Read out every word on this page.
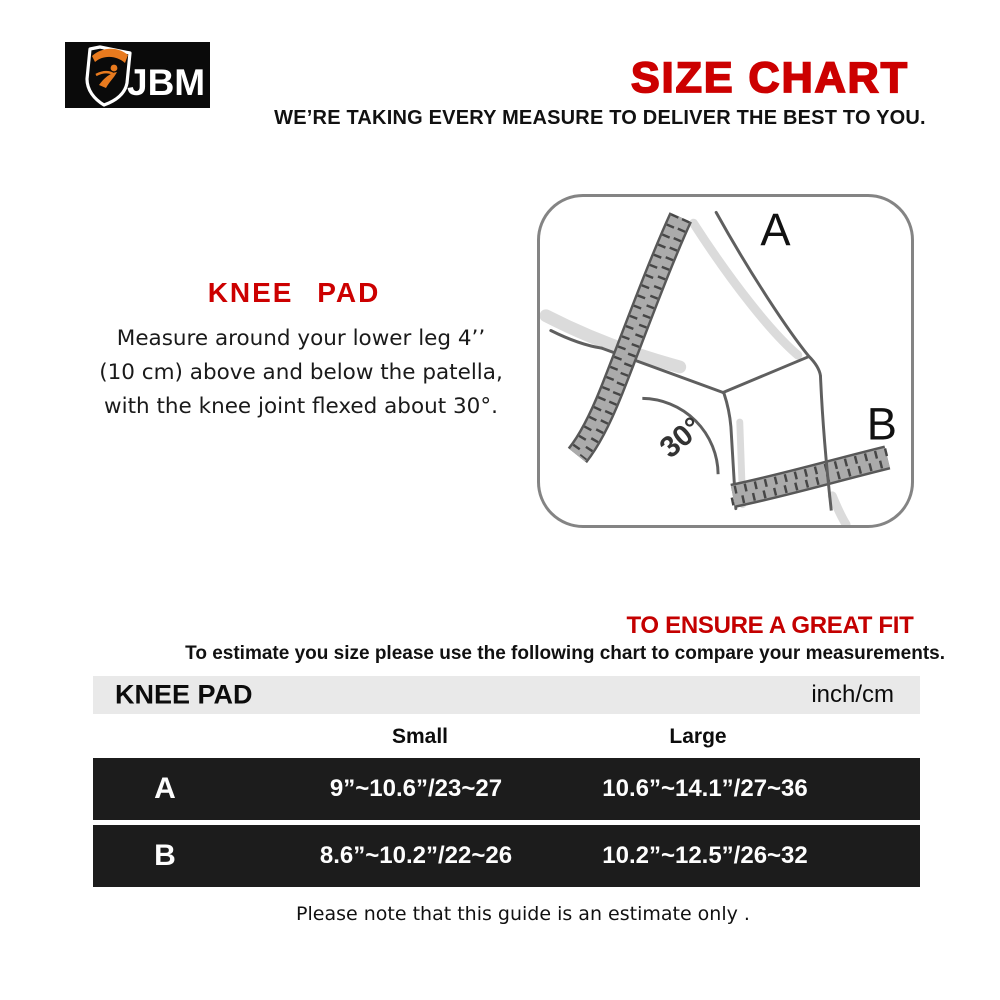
JBM	SIZE CHART
WE’RE TAKING EVERY MEASURE TO DELIVER THE BEST TO YOU.
KNEE PAD
Measure around your lower leg 4’’
(10 cm) above and below the patella,
with the knee joint flexed about 30°.
30°
A
B
TO ENSURE A GREAT FIT
To estimate you size please use the following chart to compare your measurements.
KNEE PAD	inch/cm
Small	Large
A	9”~10.6”/23~27	10.6”~14.1”/27~36
B	8.6”~10.2”/22~26	10.2”~12.5”/26~32
Please note that this guide is an estimate only .
